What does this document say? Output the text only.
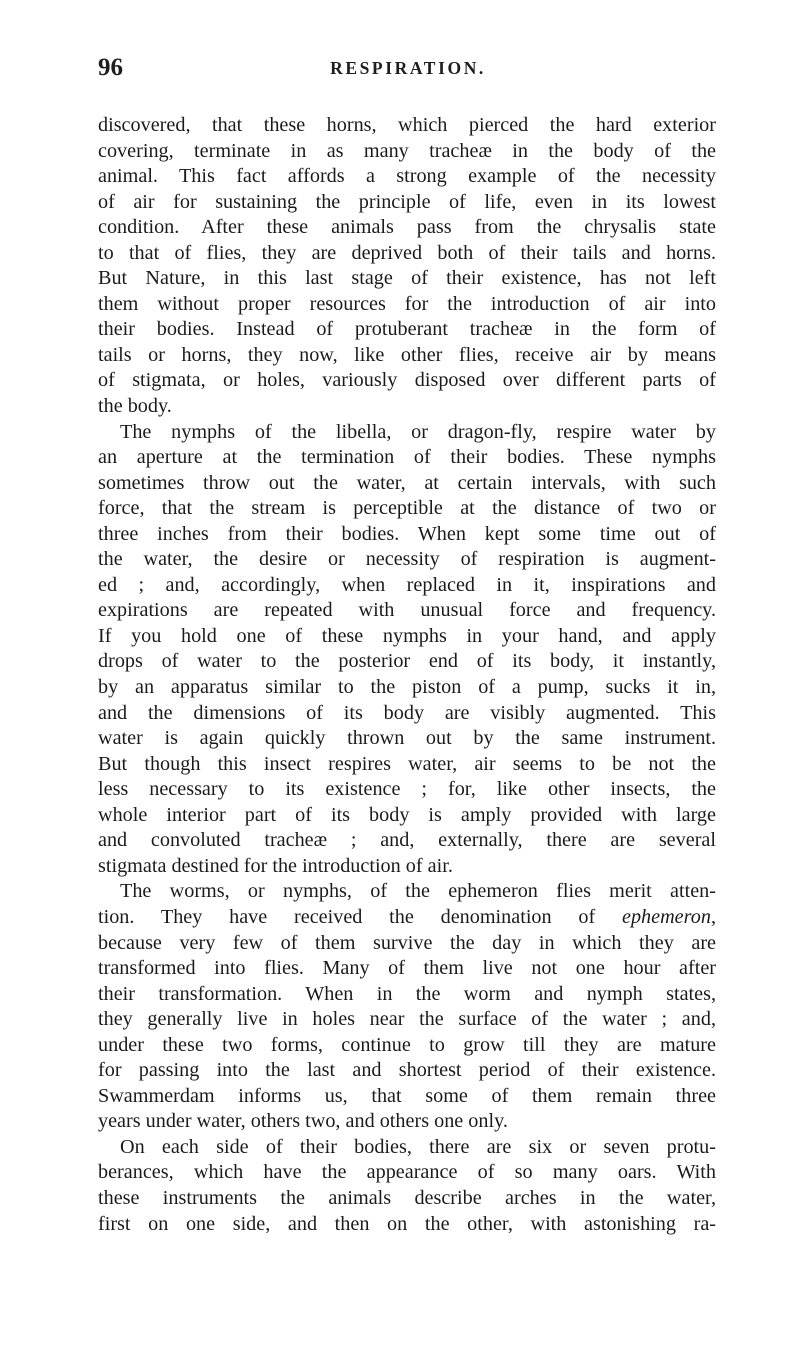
96	RESPIRATION.
discovered, that these horns, which pierced the hard exterior
covering, terminate in as many tracheæ in the body of the
animal. This fact affords a strong example of the necessity
of air for sustaining the principle of life, even in its lowest
condition. After these animals pass from the chrysalis state
to that of flies, they are deprived both of their tails and horns.
But Nature, in this last stage of their existence, has not left
them without proper resources for the introduction of air into
their bodies. Instead of protuberant tracheæ in the form of
tails or horns, they now, like other flies, receive air by means
of stigmata, or holes, variously disposed over different parts of
the body.
The nymphs of the libella, or dragon-fly, respire water by
an aperture at the termination of their bodies. These nymphs
sometimes throw out the water, at certain intervals, with such
force, that the stream is perceptible at the distance of two or
three inches from their bodies. When kept some time out of
the water, the desire or necessity of respiration is augment-
ed ; and, accordingly, when replaced in it, inspirations and
expirations are repeated with unusual force and frequency.
If you hold one of these nymphs in your hand, and apply
drops of water to the posterior end of its body, it instantly,
by an apparatus similar to the piston of a pump, sucks it in,
and the dimensions of its body are visibly augmented. This
water is again quickly thrown out by the same instrument.
But though this insect respires water, air seems to be not the
less necessary to its existence ; for, like other insects, the
whole interior part of its body is amply provided with large
and convoluted tracheæ ; and, externally, there are several
stigmata destined for the introduction of air.
The worms, or nymphs, of the ephemeron flies merit atten-
tion. They have received the denomination of ephemeron,
because very few of them survive the day in which they are
transformed into flies. Many of them live not one hour after
their transformation. When in the worm and nymph states,
they generally live in holes near the surface of the water ; and,
under these two forms, continue to grow till they are mature
for passing into the last and shortest period of their existence.
Swammerdam informs us, that some of them remain three
years under water, others two, and others one only.
On each side of their bodies, there are six or seven protu-
berances, which have the appearance of so many oars. With
these instruments the animals describe arches in the water,
first on one side, and then on the other, with astonishing ra-
